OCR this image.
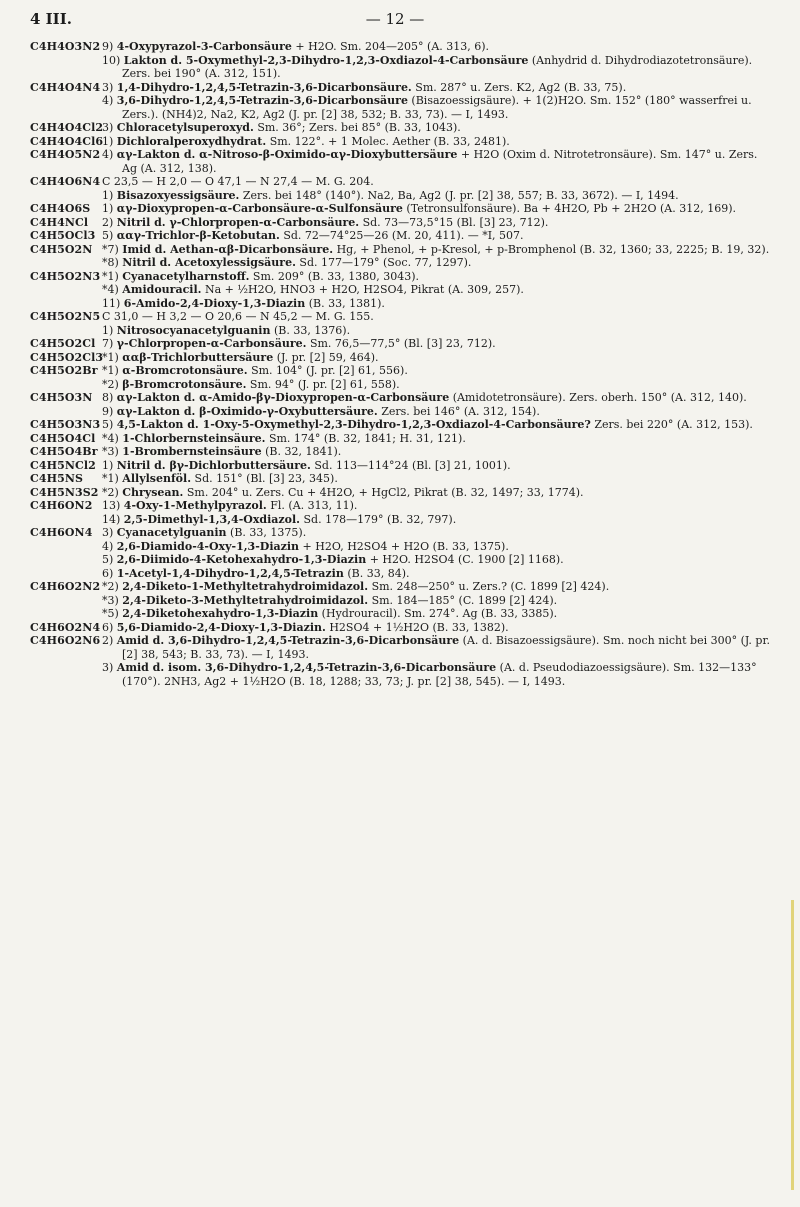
4 III.	— 12 —
C4H4O3N2 9) 4-Oxypyrazol-3-Carbonsäure + H2O. Sm. 204—205° (A. 313, 6).
10) Lakton d. 5-Oxymethyl-2,3-Dihydro-1,2,3-Oxdiazol-4-Carbonsäure (Anhydrid d. Dihydrodiazotetronsäure). Zers. bei 190° (A. 312, 151).
C4H4O4N4 3) 1,4-Dihydro-1,2,4,5-Tetrazin-3,6-Dicarbonsäure. Sm. 287° u. Zers. K2, Ag2 (B. 33, 75).
4) 3,6-Dihydro-1,2,4,5-Tetrazin-3,6-Dicarbonsäure (Bisazoessigsäure). + 1(2)H2O. Sm. 152° (180° wasserfrei u. Zers.). (NH4)2, Na2, K2, Ag2 (J. pr. [2] 38, 532; B. 33, 73). — I, 1493.
C4H4O4Cl2
3) Chloracetylsuperoxyd. Sm. 36°; Zers. bei 85° (B. 33, 1043).
C4H4O4Cl6
1) Dichloralperoxydhydrat. Sm. 122°. + 1 Molec. Aether (B. 33, 2481).
C4H4O5N2 4) αγ-Lakton d. α-Nitroso-β-Oximido-αγ-Dioxybuttersäure + H2O (Oxim d. Nitrotetronsäure). Sm. 147° u. Zers. Ag (A. 312, 138).
C4H4O6N4 C 23,5 — H 2,0 — O 47,1 — N 27,4 — M. G. 204.
1) Bisazoxyessigsäure. Zers. bei 148° (140°). Na2, Ba, Ag2 (J. pr. [2] 38, 557; B. 33, 3672). — I, 1494.
C4H4O6S	1) αγ-Dioxypropen-α-Carbonsäure-α-Sulfonsäure (Tetronsulfonsäure). Ba + 4H2O, Pb + 2H2O (A. 312, 169).
C4H4NCl	2) Nitril d. γ-Chlorpropen-α-Carbonsäure. Sd. 73—73,5°15 (Bl. [3] 23, 712).
C4H5OCl3 5) ααγ-Trichlor-β-Ketobutan. Sd. 72—74°25—26 (M. 20, 411). — *I, 507.
C4H5O2N *7) Imid d. Aethan-αβ-Dicarbonsäure. Hg, + Phenol, + p-Kresol, + p-Bromphenol (B. 32, 1360; 33, 2225; B. 19, 32).
*8) Nitril d. Acetoxylessigsäure. Sd. 177—179° (Soc. 77, 1297).
C4H5O2N3 *1) Cyanacetylharnstoff. Sm. 209° (B. 33, 1380, 3043).
*4) Amidouracil. Na + ½H2O, HNO3 + H2O, H2SO4, Pikrat (A. 309, 257).
11) 6-Amido-2,4-Dioxy-1,3-Diazin (B. 33, 1381).
C4H5O2N5 C 31,0 — H 3,2 — O 20,6 — N 45,2 — M. G. 155.
1) Nitrosocyanacetylguanin (B. 33, 1376).
C4H5O2Cl 7) γ-Chlorpropen-α-Carbonsäure. Sm. 76,5—77,5° (Bl. [3] 23, 712).
C4H5O2Cl3
*1) ααβ-Trichlorbuttersäure (J. pr. [2] 59, 464).
C4H5O2Br *1) α-Bromcrotonsäure. Sm. 104° (J. pr. [2] 61, 556).
*2) β-Bromcrotonsäure. Sm. 94° (J. pr. [2] 61, 558).
C4H5O3N 8) αγ-Lakton d. α-Amido-βγ-Dioxypropen-α-Carbonsäure (Amidotetronsäure). Zers. oberh. 150° (A. 312, 140).
9) αγ-Lakton d. β-Oximido-γ-Oxybuttersäure. Zers. bei 146° (A. 312, 154).
C4H5O3N3 5) 4,5-Lakton d. 1-Oxy-5-Oxymethyl-2,3-Dihydro-1,2,3-Oxdiazol-4-Carbonsäure? Zers. bei 220° (A. 312, 153).
C4H5O4Cl *4) 1-Chlorbernsteinsäure. Sm. 174° (B. 32, 1841; H. 31, 121).
C4H5O4Br *3) 1-Brombernsteinsäure (B. 32, 1841).
C4H5NCl2 1) Nitril d. βγ-Dichlorbuttersäure. Sd. 113—114°24 (Bl. [3] 21, 1001).
C4H5NS	*1) Allylsenföl. Sd. 151° (Bl. [3] 23, 345).
C4H5N3S2 *2) Chrysean. Sm. 204° u. Zers. Cu + 4H2O, + HgCl2, Pikrat (B. 32, 1497; 33, 1774).
C4H6ON2 13) 4-Oxy-1-Methylpyrazol. Fl. (A. 313, 11).
14) 2,5-Dimethyl-1,3,4-Oxdiazol. Sd. 178—179° (B. 32, 797).
C4H6ON4 3) Cyanacetylguanin (B. 33, 1375).
4) 2,6-Diamido-4-Oxy-1,3-Diazin + H2O, H2SO4 + H2O (B. 33, 1375).
5) 2,6-Diimido-4-Ketohexahydro-1,3-Diazin + H2O. H2SO4 (C. 1900 [2] 1168).
6) 1-Acetyl-1,4-Dihydro-1,2,4,5-Tetrazin (B. 33, 84).
C4H6O2N2 *2) 2,4-Diketo-1-Methyltetrahydroimidazol. Sm. 248—250° u. Zers.? (C. 1899 [2] 424).
*3) 2,4-Diketo-3-Methyltetrahydroimidazol. Sm. 184—185° (C. 1899 [2] 424).
*5) 2,4-Diketohexahydro-1,3-Diazin (Hydrouracil). Sm. 274°. Ag (B. 33, 3385).
C4H6O2N4 6) 5,6-Diamido-2,4-Dioxy-1,3-Diazin. H2SO4 + 1½H2O (B. 33, 1382).
C4H6O2N6 2) Amid d. 3,6-Dihydro-1,2,4,5-Tetrazin-3,6-Dicarbonsäure (A. d. Bisazoessigsäure). Sm. noch nicht bei 300° (J. pr. [2] 38, 543; B. 33, 73). — I, 1493.
3) Amid d. isom. 3,6-Dihydro-1,2,4,5-Tetrazin-3,6-Dicarbonsäure (A. d. Pseudodiazoessigsäure). Sm. 132—133° (170°). 2NH3, Ag2 + 1½H2O (B. 18, 1288; 33, 73; J. pr. [2] 38, 545). — I, 1493.
